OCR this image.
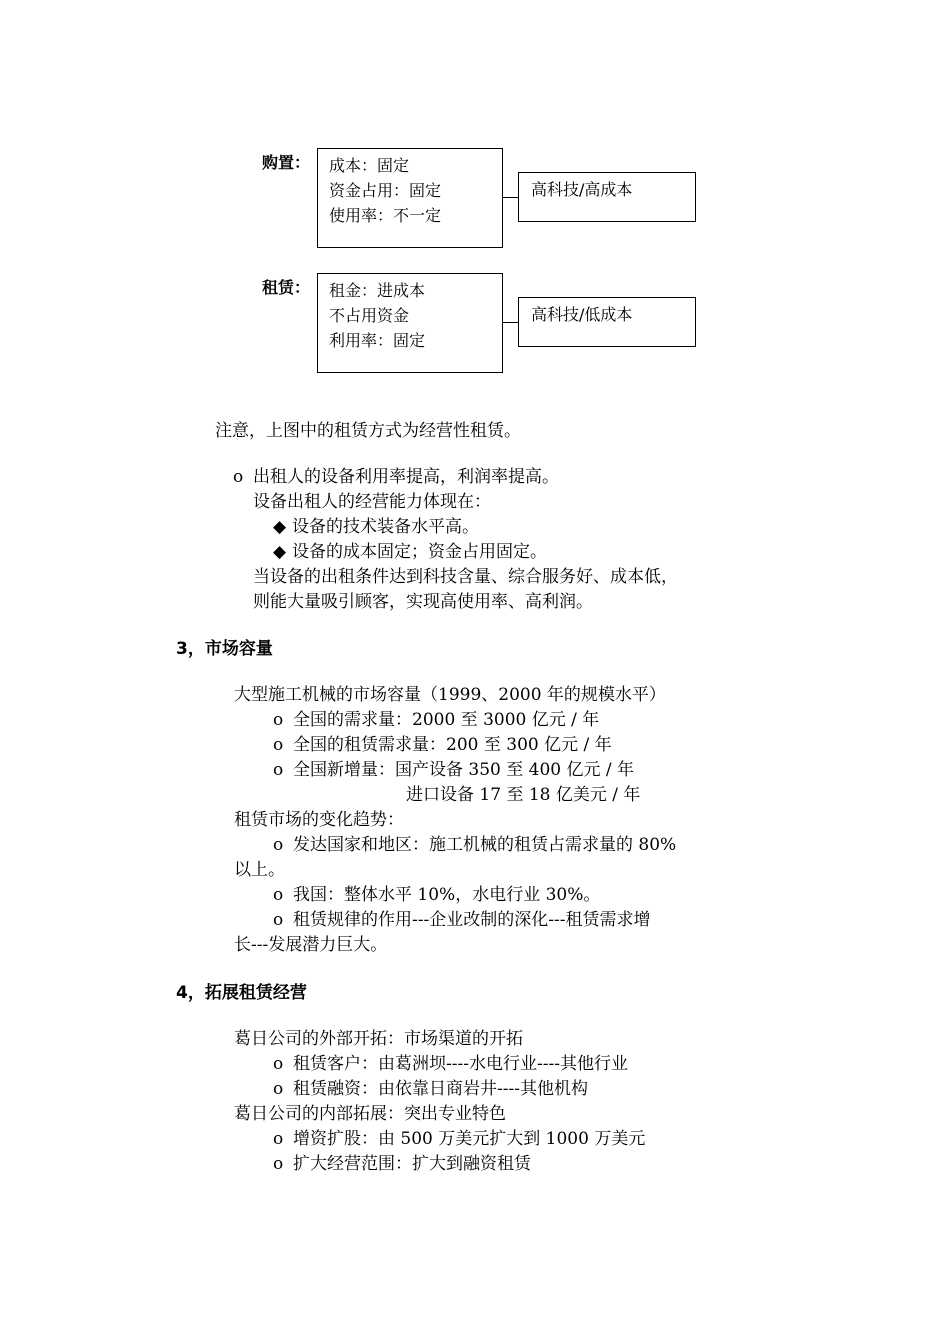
购置： 成本：固定
资金占用：固定
使用率：不一定
高科技/高成本
租赁： 租金：进成本
不占用资金
利用率：固定
高科技/低成本
注意，上图中的租赁方式为经营性租赁。
o 出租人的设备利用率提高，利润率提高。
设备出租人的经营能力体现在：
◆ 设备的技术装备水平高。
◆ 设备的成本固定；资金占用固定。
当设备的出租条件达到科技含量、综合服务好、成本低，
则能大量吸引顾客，实现高使用率、高利润。
3，市场容量
大型施工机械的市场容量（1999、2000 年的规模水平）
o 全国的需求量：2000 至 3000 亿元 / 年
o 全国的租赁需求量：200 至 300 亿元 / 年
o 全国新增量：国产设备 350 至 400 亿元 / 年
进口设备 17 至 18 亿美元 / 年
租赁市场的变化趋势：
o 发达国家和地区：施工机械的租赁占需求量的 80%
以上。
o 我国：整体水平 10%，水电行业 30%。
o 租赁规律的作用---企业改制的深化---租赁需求增
长---发展潜力巨大。
4，拓展租赁经营
葛日公司的外部开拓：市场渠道的开拓
o 租赁客户：由葛洲坝----水电行业----其他行业
o 租赁融资：由依靠日商岩井----其他机构
葛日公司的内部拓展：突出专业特色
o 增资扩股：由 500 万美元扩大到 1000 万美元
o 扩大经营范围：扩大到融资租赁
